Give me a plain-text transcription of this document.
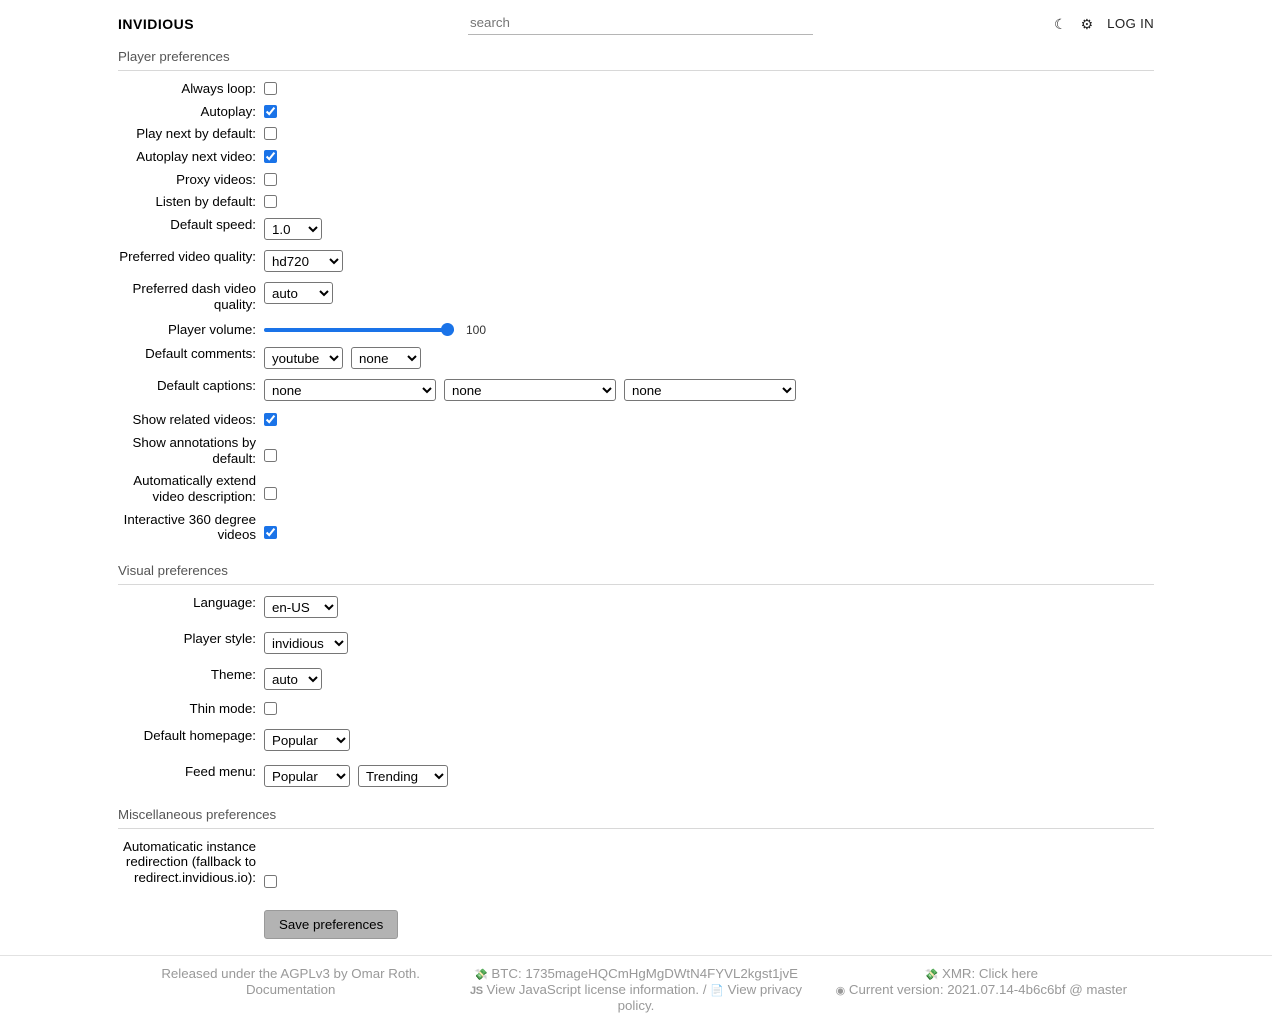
INVIDIOUS
search	☾ ⚙ LOG IN
Player preferences
Always loop:
Autoplay:
Play next by default:
Autoplay next video:
Proxy videos:
Listen by default:
Default speed:
1.0
Preferred video quality:
hd720
Preferred dash video quality:
auto
Player volume:	100
Default comments:
youtube
none
Default captions:
none
none
none
Show related videos:
Show annotations by default:
Automatically extend video description:
Interactive 360 degree videos
Visual preferences
Language:
en-US
Player style:
invidious
Theme:
auto
Thin mode:
Default homepage:
Popular
Feed menu:
Popular
Trending
Miscellaneous preferences
Automaticatic instance redirection (fallback to redirect.invidious.io):
Save preferences
Released under the AGPLv3 by Omar Roth.
Documentation
💸 BTC: 1735mageHQCmHgMgDWtN4FYVL2kgst1jvE
JS View JavaScript license information. / 📄 View privacy policy.
💸 XMR: Click here
◉ Current version: 2021.07.14-4b6c6bf @ master
